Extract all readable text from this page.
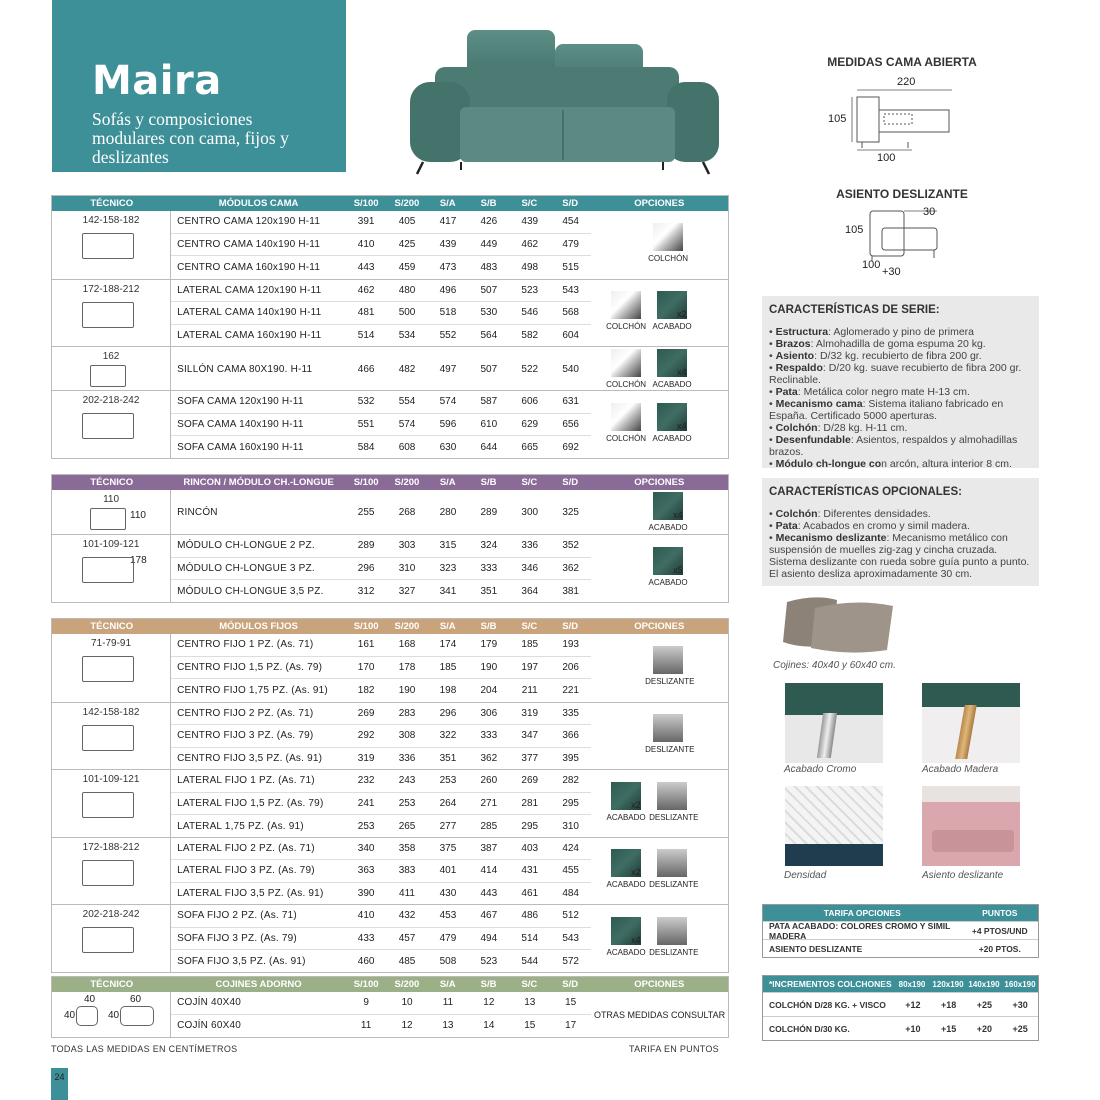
Maira
Sofás y composiciones
modulares con cama, fijos y
deslizantes
TÉCNICO	MÓDULOS CAMA	S/100	S/200	S/A	S/B	S/C	S/D	OPCIONES
142-158-182	CENTRO CAMA 120x190 H-11	391	405	417	426	439	454
CENTRO CAMA 140x190 H-11	410	425	439	449	462	479
CENTRO CAMA 160x190 H-11	443	459	473	483	498	515
COLCHÓN
172-188-212	LATERAL CAMA 120x190 H-11	462	480	496	507	523	543
LATERAL CAMA 140x190 H-11	481	500	518	530	546	568
LATERAL CAMA 160x190 H-11	514	534	552	564	582	604
COLCHÓN
x2
ACABADO
162
SILLÓN CAMA 80X190. H-11	466	482	497	507	522	540
COLCHÓN
x4
ACABADO
202-218-242	SOFA CAMA 120x190 H-11	532	554	574	587	606	631
SOFA CAMA 140x190 H-11	551	574	596	610	629	656
SOFA CAMA 160x190 H-11	584	608	630	644	665	692
COLCHÓN
x4
ACABADO
TÉCNICO	RINCON / MÓDULO CH.-LONGUE	S/100	S/200	S/A	S/B	S/C	S/D	OPCIONES
110
110	RINCÓN	255	268	280	289	300	325	x4
ACABADO
101-109-121
178
MÓDULO CH-LONGUE 2 PZ.	289	303	315	324	336	352
MÓDULO CH-LONGUE 3 PZ.	296	310	323	333	346	362
MÓDULO CH-LONGUE 3,5 PZ.	312	327	341	351	364	381
x5
ACABADO
TÉCNICO	MÓDULOS FIJOS	S/100	S/200	S/A	S/B	S/C	S/D	OPCIONES
71-79-91	CENTRO FIJO 1 PZ. (As. 71)	161	168	174	179	185	193
CENTRO FIJO 1,5 PZ. (As. 79)	170	178	185	190	197	206
CENTRO FIJO 1,75 PZ. (As. 91)	182	190	198	204	211	221
DESLIZANTE
142-158-182	CENTRO FIJO 2 PZ. (As. 71)	269	283	296	306	319	335
CENTRO FIJO 3 PZ. (As. 79)	292	308	322	333	347	366
CENTRO FIJO 3,5 PZ. (As. 91)	319	336	351	362	377	395
DESLIZANTE
101-109-121	LATERAL FIJO 1 PZ. (As. 71)	232	243	253	260	269	282
LATERAL FIJO 1,5 PZ. (As. 79)	241	253	264	271	281	295
LATERAL 1,75 PZ. (As. 91)	253	265	277	285	295	310
x2
ACABADO DESLIZANTE
172-188-212	LATERAL FIJO 2 PZ. (As. 71)	340	358	375	387	403	424
LATERAL FIJO 3 PZ. (As. 79)	363	383	401	414	431	455
LATERAL FIJO 3,5 PZ. (As. 91)	390	411	430	443	461	484
x2
ACABADO DESLIZANTE
202-218-242	SOFA FIJO 2 PZ. (As. 71)	410	432	453	467	486	512
SOFA FIJO 3 PZ. (As. 79)	433	457	479	494	514	543
SOFA FIJO 3,5 PZ. (As. 91)	460	485	508	523	544	572
x4
ACABADO DESLIZANTE
TÉCNICO	COJINES ADORNO	S/100	S/200	S/A	S/B	S/C	S/D	OPCIONES
40	60
40	40
COJÍN 40X40	9	10	11	12	13	15
COJÍN 60X40	11	12	13	14	15	17
OTRAS MEDIDAS CONSULTAR
TODAS LAS MEDIDAS EN CENTÍMETROS	TARIFA EN PUNTOS
24
MEDIDAS CAMA ABIERTA
220
105
100
ASIENTO DESLIZANTE
30
105
100
+30
CARACTERÍSTICAS DE SERIE:
• Estructura: Aglomerado y pino de primera
• Brazos: Almohadilla de goma espuma 20 kg.
• Asiento: D/32 kg. recubierto de fibra 200 gr.
• Respaldo: D/20 kg. suave recubierto de fibra 200 gr. Reclinable.
• Pata: Metálica color negro mate H-13 cm.
• Mecanismo cama: Sistema italiano fabricado en España. Certificado 5000 aperturas.
• Colchón: D/28 kg. H-11 cm.
• Desenfundable: Asientos, respaldos y almohadillas brazos.
• Módulo ch-longue con arcón, altura interior 8 cm.
CARACTERÍSTICAS OPCIONALES:
• Colchón: Diferentes densidades.
• Pata: Acabados en cromo y simil madera.
• Mecanismo deslizante: Mecanismo metálico con suspensión de muelles zig-zag y cincha cruzada. Sistema deslizante con rueda sobre guía punto a punto. El asiento desliza aproximadamente 30 cm.
Cojines: 40x40 y 60x40 cm.
Acabado Cromo	Acabado Madera
Densidad	Asiento deslizante
TARIFA OPCIONES	PUNTOS
PATA ACABADO: COLORES CROMO Y SIMIL MADERA	+4 PTOS/UND
ASIENTO DESLIZANTE	+20 PTOS.
*INCREMENTOS COLCHONES 80x190 120x190 140x190 160x190
COLCHÓN D/28 KG. + VISCO	+12	+18	+25	+30
COLCHÓN D/30 KG.	+10	+15	+20	+25
